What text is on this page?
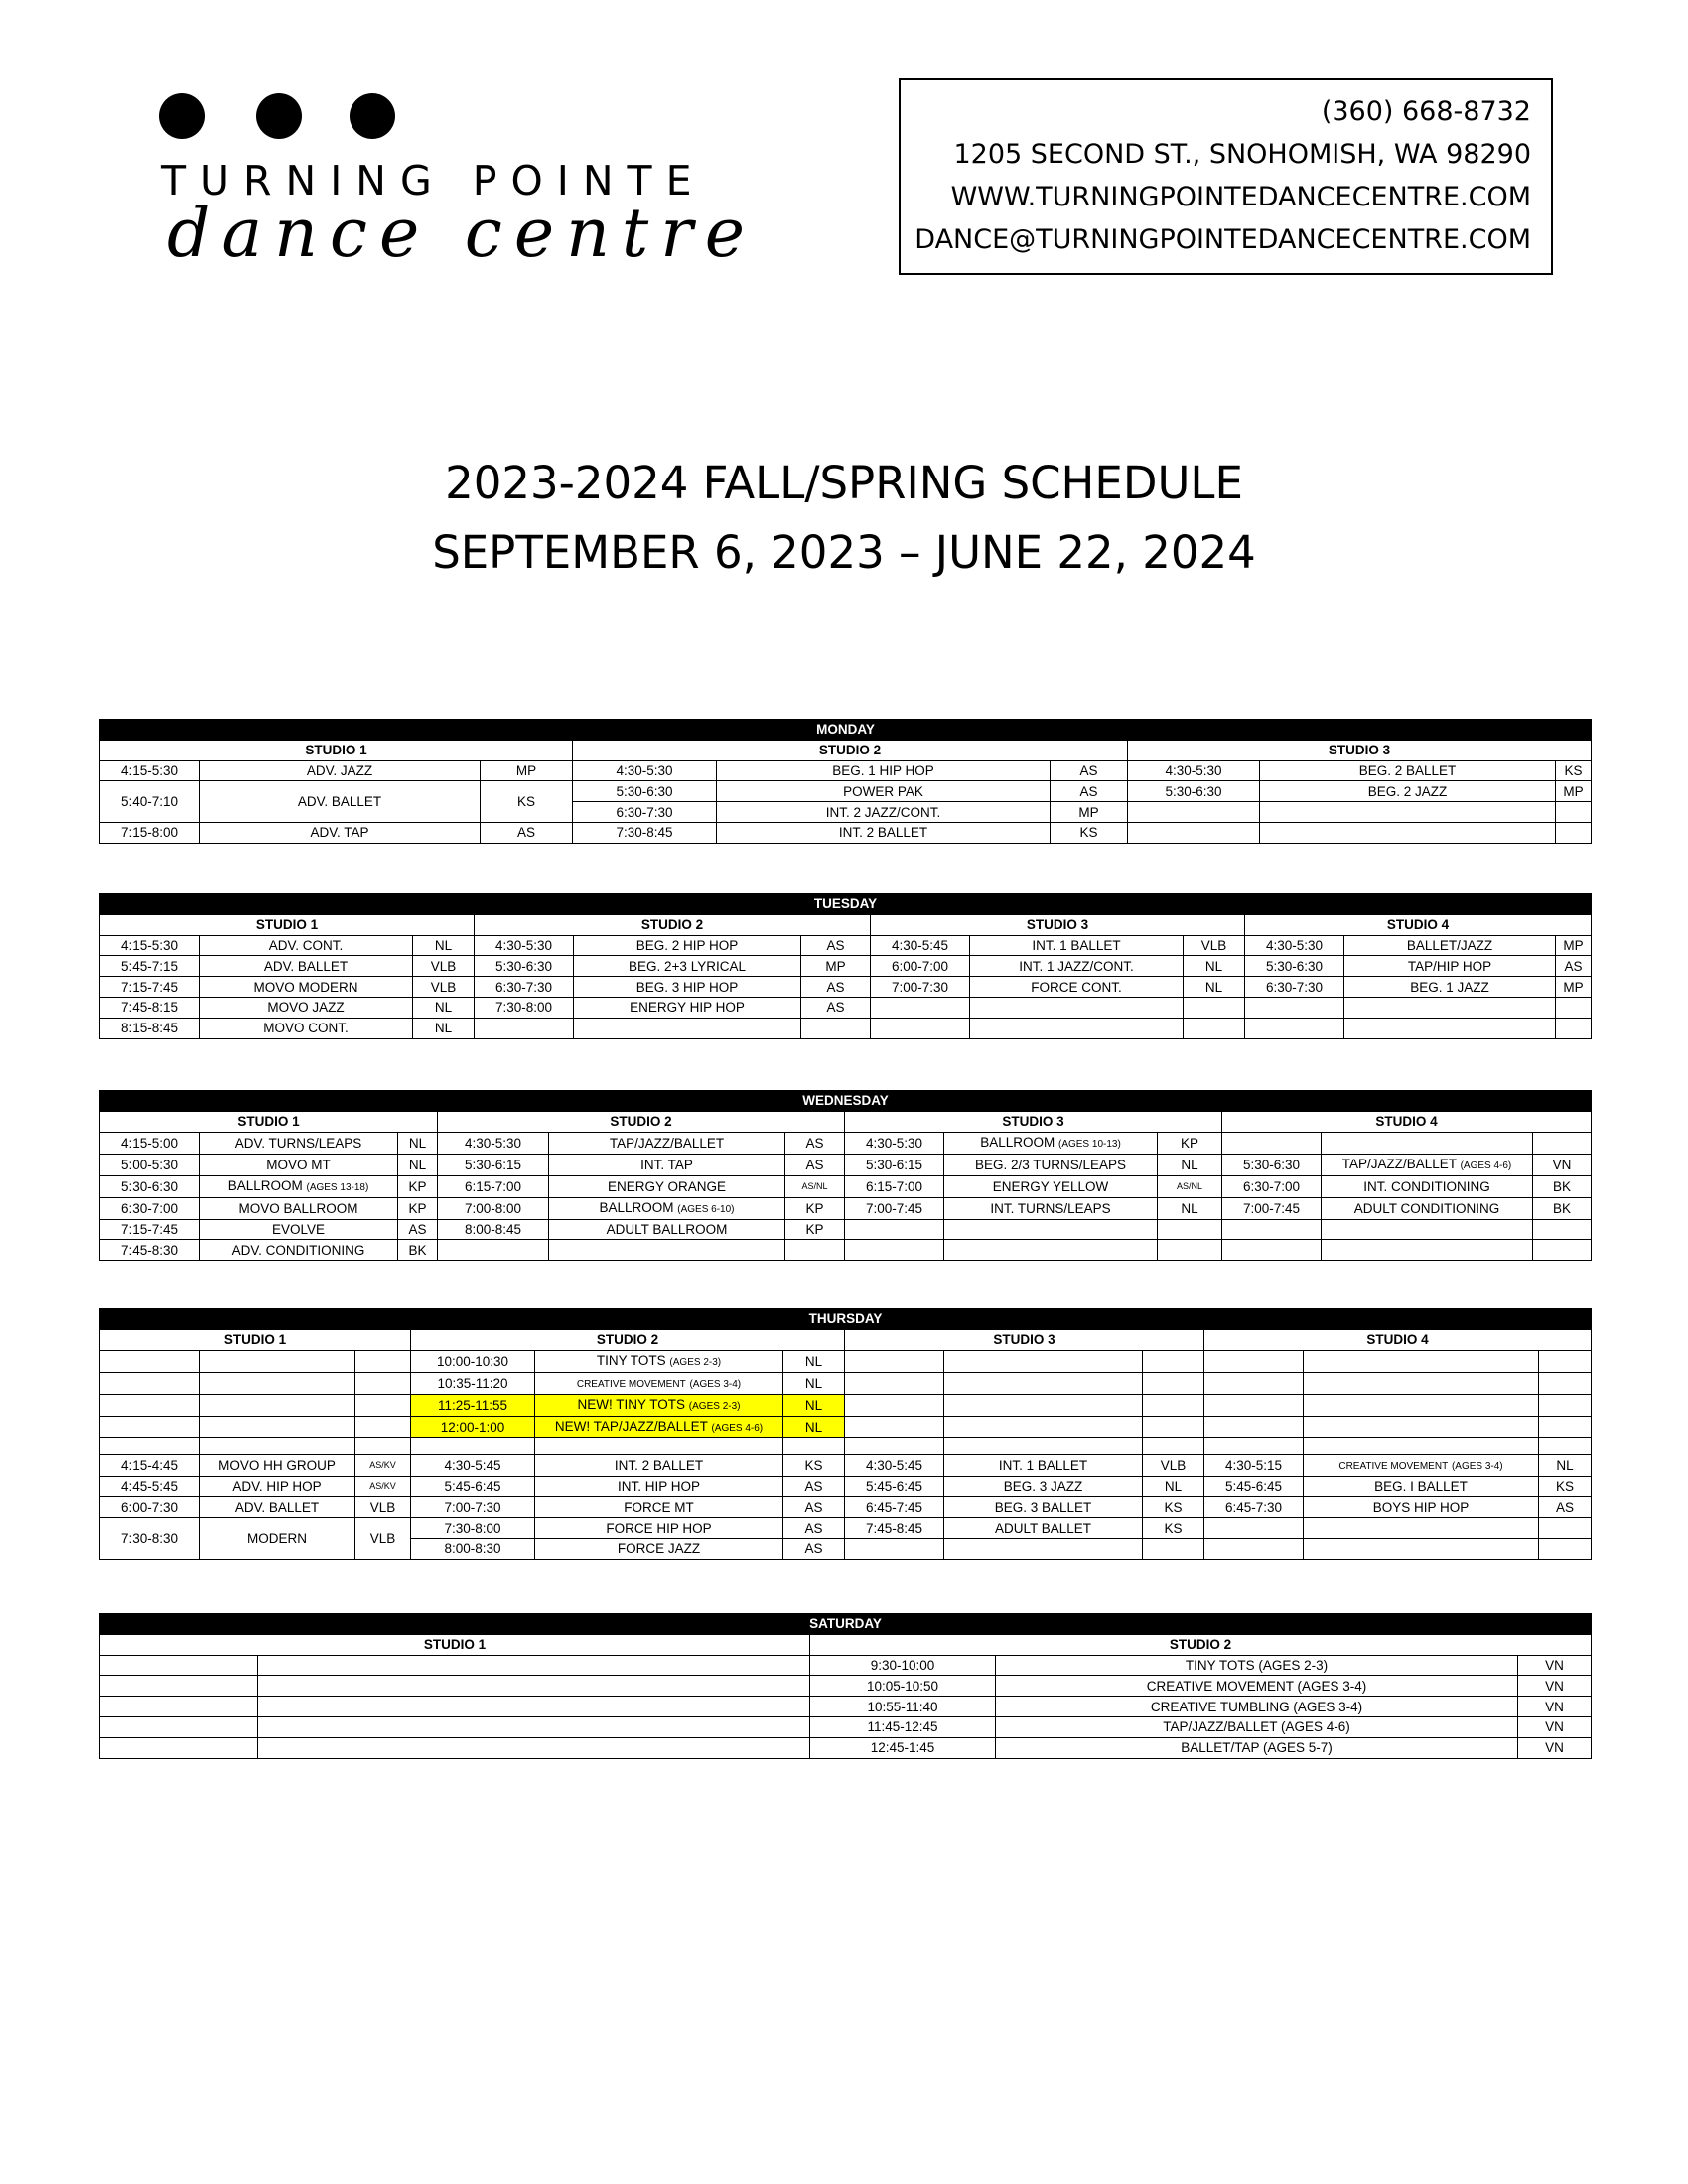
TURNING POINTE
dance centre
(360) 668-8732
1205 SECOND ST., SNOHOMISH, WA 98290
WWW.TURNINGPOINTEDANCECENTRE.COM
DANCE@TURNINGPOINTEDANCECENTRE.COM
2023-2024 FALL/SPRING SCHEDULE
SEPTEMBER 6, 2023 – JUNE 22, 2024
MONDAY								
STUDIO 1			STUDIO 2			STUDIO 3		
4:15-5:30	ADV. JAZZ	MP	4:30-5:30	BEG. 1 HIP HOP	AS	4:30-5:30	BEG. 2 BALLET	KS
5:40-7:10	ADV. BALLET	KS	5:30-6:30	POWER PAK	AS	5:30-6:30	BEG. 2 JAZZ	MP
			6:30-7:30	INT. 2 JAZZ/CONT.	MP			
7:15-8:00	ADV. TAP	AS	7:30-8:45	INT. 2 BALLET	KS			
TUESDAY											
STUDIO 1			STUDIO 2			STUDIO 3			STUDIO 4		
4:15-5:30	ADV. CONT.	NL	4:30-5:30	BEG. 2 HIP HOP	AS	4:30-5:45	INT. 1 BALLET	VLB	4:30-5:30	BALLET/JAZZ	MP
5:45-7:15	ADV. BALLET	VLB	5:30-6:30	BEG. 2+3 LYRICAL	MP	6:00-7:00	INT. 1 JAZZ/CONT.	NL	5:30-6:30	TAP/HIP HOP	AS
7:15-7:45	MOVO MODERN	VLB	6:30-7:30	BEG. 3 HIP HOP	AS	7:00-7:30	FORCE CONT.	NL	6:30-7:30	BEG. 1 JAZZ	MP
7:45-8:15	MOVO JAZZ	NL	7:30-8:00	ENERGY HIP HOP	AS						
8:15-8:45	MOVO CONT.	NL									
WEDNESDAY											
STUDIO 1			STUDIO 2			STUDIO 3			STUDIO 4		
4:15-5:00	ADV. TURNS/LEAPS	NL	4:30-5:30	TAP/JAZZ/BALLET	AS	4:30-5:30	BALLROOM (AGES 10-13)	KP			
5:00-5:30	MOVO MT	NL	5:30-6:15	INT. TAP	AS	5:30-6:15	BEG. 2/3 TURNS/LEAPS	NL	5:30-6:30	TAP/JAZZ/BALLET (AGES 4-6)	VN
5:30-6:30	BALLROOM (AGES 13-18)	KP	6:15-7:00	ENERGY ORANGE	AS/NL	6:15-7:00	ENERGY YELLOW	AS/NL	6:30-7:00	INT. CONDITIONING	BK
6:30-7:00	MOVO BALLROOM	KP	7:00-8:00	BALLROOM (AGES 6-10)	KP	7:00-7:45	INT. TURNS/LEAPS	NL	7:00-7:45	ADULT CONDITIONING	BK
7:15-7:45	EVOLVE	AS	8:00-8:45	ADULT BALLROOM	KP						
7:45-8:30	ADV. CONDITIONING	BK									
THURSDAY											
STUDIO 1			STUDIO 2			STUDIO 3			STUDIO 4		
			10:00-10:30	TINY TOTS (AGES 2-3)	NL						
			10:35-11:20	CREATIVE MOVEMENT (AGES 3-4)	NL						
			11:25-11:55	NEW! TINY TOTS (AGES 2-3)	NL						
			12:00-1:00	NEW! TAP/JAZZ/BALLET (AGES 4-6)	NL						

4:15-4:45	MOVO HH GROUP	AS/KV	4:30-5:45	INT. 2 BALLET	KS	4:30-5:45	INT. 1 BALLET	VLB	4:30-5:15	CREATIVE MOVEMENT (AGES 3-4)	NL
4:45-5:45	ADV. HIP HOP	AS/KV	5:45-6:45	INT. HIP HOP	AS	5:45-6:45	BEG. 3 JAZZ	NL	5:45-6:45	BEG. I BALLET	KS
6:00-7:30	ADV. BALLET	VLB	7:00-7:30	FORCE MT	AS	6:45-7:45	BEG. 3 BALLET	KS	6:45-7:30	BOYS HIP HOP	AS
7:30-8:30	MODERN	VLB	7:30-8:00	FORCE HIP HOP	AS	7:45-8:45	ADULT BALLET	KS			
			8:00-8:30	FORCE JAZZ	AS						
SATURDAY				
STUDIO 1		STUDIO 2		
		9:30-10:00	TINY TOTS (AGES 2-3)	VN
		10:05-10:50	CREATIVE MOVEMENT (AGES 3-4)	VN
		10:55-11:40	CREATIVE TUMBLING (AGES 3-4)	VN
		11:45-12:45	TAP/JAZZ/BALLET (AGES 4-6)	VN
		12:45-1:45	BALLET/TAP (AGES 5-7)	VN
